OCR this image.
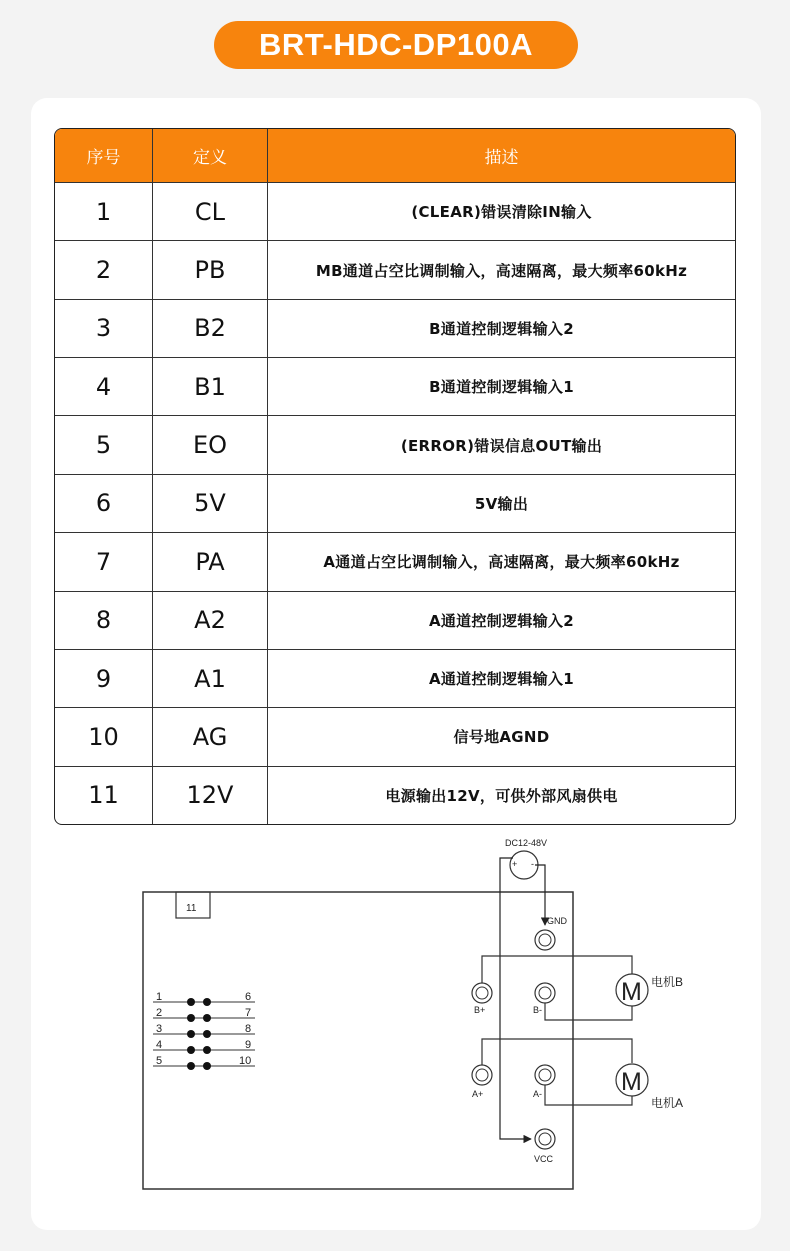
BRT-HDC-DP100A
序号	定义	描述
1	CL	(CLEAR)错误清除IN输入
2	PB	MB通道占空比调制输入，高速隔离，最大频率60kHz
3	B2	B通道控制逻辑输入2
4	B1	B通道控制逻辑输入1
5	EO	(ERROR)错误信息OUT输出
6	5V	5V输出
7	PA	A通道占空比调制输入，高速隔离，最大频率60kHz
8	A2	A通道控制逻辑输入2
9	A1	A通道控制逻辑输入1
10	AG	信号地AGND
11	12V	电源输出12V，可供外部风扇供电
11
DC12-48V
+ -
GND
B+	B-
M 电机B
A+	A-	M
电机A
VCC
1
2
3
4
5
6
7
8
9
10
